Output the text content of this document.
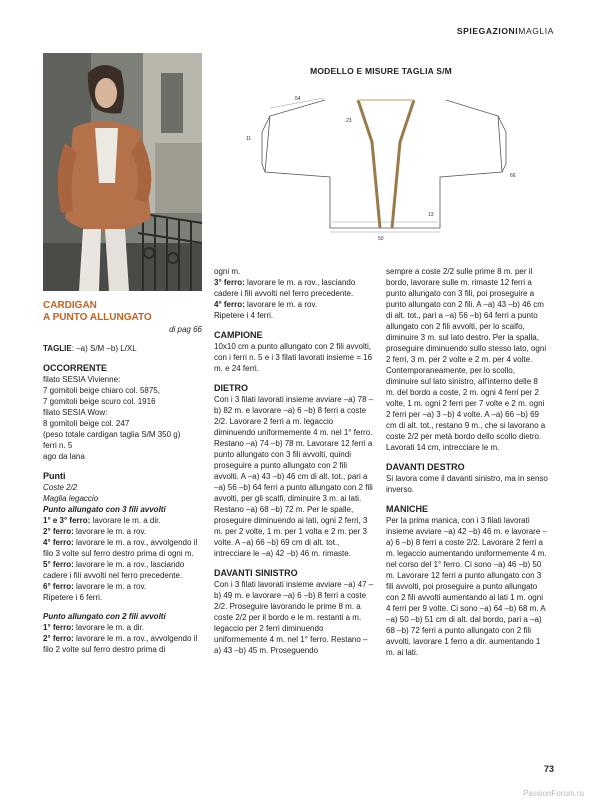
SPIEGAZIONIMAGLIA
MODELLO E MISURE TAGLIA S/M
54
11
23
66
13
50

CARDIGAN

A PUNTO ALLUNGATO

di pag 66

TAGLIE: –a) S/M –b) L/XL

OCCORRENTE

filato SESIA Vivienne:

7 gomitoli beige chiaro col. 5875,

7 gomitoli beige scuro col. 1916

filato SESIA Wow:

8 gomitoli beige col. 247

(peso totale cardigan taglia S/M 350 g)

ferri n. 5

ago da lana

Punti

Coste 2/2

Maglia legaccio

Punto allungato con 3 fili avvolti

1° e 3° ferro: lavorare le m. a dir.

2° ferro: lavorare le m. a rov.

4° ferro: lavorare le m. a rov., avvolgendo il filo 3 volte sul ferro destro prima di ogni m.

5° ferro: lavorare le m. a rov., lasciando cadere i fili avvolti nel ferro precedente.

6° ferro: lavorare le m. a rov.

Ripetere i 6 ferri.

Punto allungato con 2 fili avvolti

1° ferro: lavorare le m. a dir.

2° ferro: lavorare le m. a rov., avvolgendo il filo 2 volte sul ferro destro prima di

ogni m.

3° ferro: lavorare le m. a rov., lasciando cadere i fili avvolti nel ferro precedente.

4° ferro: lavorare le m. a rov.

Ripetere i 4 ferri.

CAMPIONE

10x10 cm a punto allungato con 2 fili avvolti, con i ferri n. 5 e i 3 filati lavorati insieme = 16 m. e 24 ferri.

DIETRO

Con i 3 filati lavorati insieme avviare –a) 78 –b) 82 m. e lavorare –a) 6 –b) 8 ferri a coste 2/2. Lavorare 2 ferri a m. legaccio diminuendo uniformemente 4 m. nel 1° ferro. Restano –a) 74 –b) 78 m. Lavorare 12 ferri a punto allungato con 3 fili avvolti, quindi proseguire a punto allungato con 2 fili avvolti. A –a) 43 –b) 46 cm di alt. tot., pari a –a) 56 –b) 64 ferri a punto allungato con 2 fili avvolti, per gli scalfi, diminuire 3 m. ai lati. Restano –a) 68 –b) 72 m. Per le spalle, proseguire diminuendo ai lati, ogni 2 ferri, 3 m. per 2 volte, 1 m. per 1 volta e 2 m. per 3 volte. A –a) 66 –b) 69 cm di alt. tot., intrecciare le –a) 42 –b) 46 m. rimaste.

DAVANTI SINISTRO

Con i 3 filati lavorati insieme avviare –a) 47 –b) 49 m. e lavorare –a) 6 –b) 8 ferri a coste 2/2. Proseguire lavorando le prime 8 m. a coste 2/2 per il bordo e le m. restanti a m. legaccio per 2 ferri diminuendo uniformemente 4 m. nel 1° ferro. Restano –a) 43 –b) 45 m. Proseguendo

sempre a coste 2/2 sulle prime 8 m. per il bordo, lavorare sulle m. rimaste 12 ferri a punto allungato con 3 fili, poi proseguire a punto allungato con 2 fili. A –a) 43 –b) 46 cm di alt. tot., pari a –a) 56 –b) 64 ferri a punto allungato con 2 fili avvolti, per lo scalfo, diminuire 3 m. sul lato destro. Per la spalla, proseguire diminuendo sullo stesso lato, ogni 2 ferri, 3 m. per 2 volte e 2 m. per 4 volte. Contemporaneamente, per lo scollo, diminuire sul lato sinistro, all'interno delle 8 m. del bordo a coste, 2 m. ogni 4 ferri per 2 volte, 1 m. ogni 2 ferri per 7 volte e 2 m. ogni 2 ferri per –a) 3 –b) 4 volte. A –a) 66 –b) 69 cm di alt. tot., restano 9 m., che si lavorano a coste 2/2 per metà bordo dello scollo dietro. Lavorati 14 cm, intrecciare le m.

DAVANTI DESTRO

Si lavora come il davanti sinistro, ma in senso inverso.

MANICHE

Per la prima manica, con i 3 filati lavorati insieme avviare –a) 42 –b) 46 m. e lavorare –a) 6 –b) 8 ferri a coste 2/2. Lavorare 2 ferri a m. legaccio aumentando uniformemente 4 m. nel corso del 1° ferro. Ci sono –a) 46 –b) 50 m. Lavorare 12 ferri a punto allungato con 3 fili avvolti, poi proseguire a punto allungato con 2 fili avvolti aumentando ai lati 1 m. ogni 4 ferri per 9 volte. Ci sono –a) 64 –b) 68 m. A –a) 50 –b) 51 cm di alt. dal bordo, pari a –a) 68 –b) 72 ferri a punto allungato con 2 fili avvolti, lavorare 1 ferro a dir. aumentando 1 m. ai lati.

73
PassionForum.ru
